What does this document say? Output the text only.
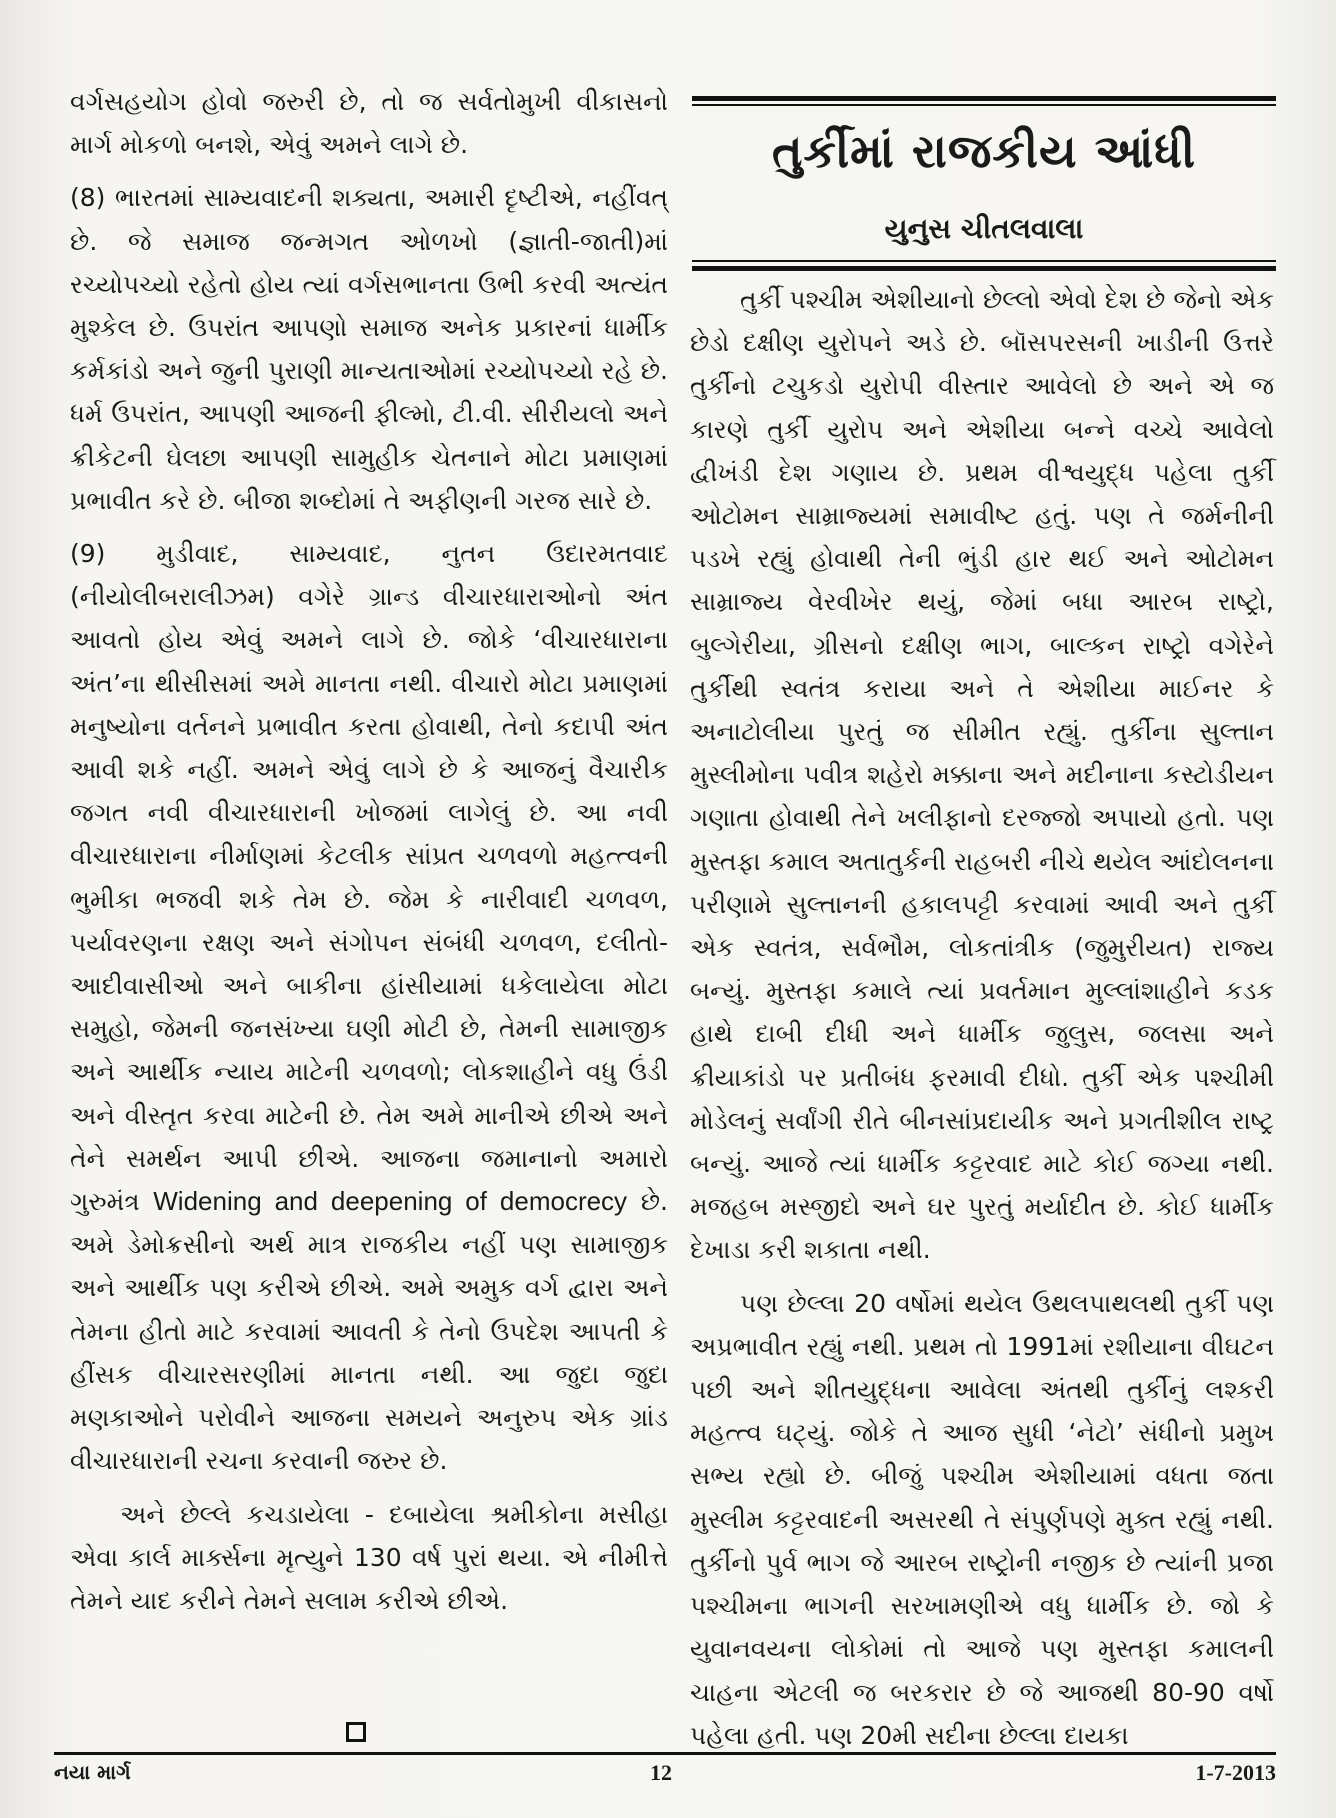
વર્ગસહયોગ હોવો જરુરી છે, તો જ સર્વતોમુખી વીકાસનો માર્ગ મોકળો બનશે, એવું અમને લાગે છે.

(8) ભારતમાં સામ્યવાદની શક્યતા, અમારી દૃષ્ટીએ, નહીંવત્ છે. જે સમાજ જન્મગત ઓળખો (જ્ઞાતી-જાતી)માં રચ્યોપચ્યો રહેતો હોય ત્યાં વર્ગસભાનતા ઉભી કરવી અત્યંત મુશ્કેલ છે. ઉપરાંત આપણો સમાજ અનેક પ્રકારનાં ધાર્મીક કર્મકાંડો અને જુની પુરાણી માન્યતાઓમાં રચ્યોપચ્યો રહે છે. ધર્મ ઉપરાંત, આપણી આજની ફીલ્મો, ટી.વી. સીરીયલો અને ક્રીકેટની ઘેલછા આપણી સામુહીક ચેતનાને મોટા પ્રમાણમાં પ્રભાવીત કરે છે. બીજા શબ્દોમાં તે અફીણની ગરજ સારે છે.

(9) મુડીવાદ, સામ્યવાદ, નુતન ઉદારમતવાદ (નીયોલીબરાલીઝમ) વગેરે ગ્રાન્ડ વીચારધારાઓનો અંત આવતો હોય એવું અમને લાગે છે. જોકે ‘વીચારધારાના અંત’ના થીસીસમાં અમે માનતા નથી. વીચારો મોટા પ્રમાણમાં મનુષ્યોના વર્તનને પ્રભાવીત કરતા હોવાથી, તેનો કદાપી અંત આવી શકે નહીં. અમને એવું લાગે છે કે આજનું વૈચારીક જગત નવી વીચારધારાની ખોજમાં લાગેલું છે. આ નવી વીચારધારાના નીર્માણમાં કેટલીક સાંપ્રત ચળવળો મહત્ત્વની ભુમીકા ભજવી શકે તેમ છે. જેમ કે નારીવાદી ચળવળ, પર્યાવરણના રક્ષણ અને સંગોપન સંબંધી ચળવળ, દલીતો-આદીવાસીઓ અને બાકીના હાંસીયામાં ધકેલાયેલા મોટા સમુહો, જેમની જનસંખ્યા ઘણી મોટી છે, તેમની સામાજીક અને આર્થીક ન્યાય માટેની ચળવળો; લોકશાહીને વધુ ઉંડી અને વીસ્તૃત કરવા માટેની છે. તેમ અમે માનીએ છીએ અને તેને સમર્થન આપી છીએ. આજના જમાનાનો અમારો ગુરુમંત્ર Widening and deepening of democrecy છે. અમે ડેમોક્રસીનો અર્થ માત્ર રાજકીય નહીં પણ સામાજીક અને આર્થીક પણ કરીએ છીએ. અમે અમુક વર્ગ દ્વારા અને તેમના હીતો માટે કરવામાં આવતી કે તેનો ઉપદેશ આપતી કે હીંસક વીચારસરણીમાં માનતા નથી. આ જુદા જુદા મણકાઓને પરોવીને આજના સમયને અનુરુપ એક ગ્રાંડ વીચારધારાની રચના કરવાની જરુર છે.

અને છેલ્લે કચડાયેલા - દબાયેલા શ્રમીકોના મસીહા એવા કાર્લ માર્ક્સના મૃત્યુને 130 વર્ષ પુરાં થયા. એ નીમીત્તે તેમને યાદ કરીને તેમને સલામ કરીએ છીએ.

તુર્કીમાં રાજકીય આંધી
યુનુસ ચીતલવાલા

તુર્કી પશ્ચીમ એશીયાનો છેલ્લો એવો દેશ છે જેનો એક છેડો દક્ષીણ યુરોપને અડે છે. બૉસપરસની ખાડીની ઉત્તરે તુર્કીનો ટચુકડો યુરોપી વીસ્તાર આવેલો છે અને એ જ કારણે તુર્કી યુરોપ અને એશીયા બન્ને વચ્ચે આવેલો દ્વીખંડી દેશ ગણાય છે. પ્રથમ વીશ્વયુદ્ધ પહેલા તુર્કી ઓટોમન સામ્રાજ્યમાં સમાવીષ્ટ હતું. પણ તે જર્મનીની પડખે રહ્યું હોવાથી તેની ભુંડી હાર થઈ અને ઓટોમન સામ્રાજ્ય વેરવીખેર થયું, જેમાં બધા આરબ રાષ્ટ્રો, બુલ્ગેરીયા, ગ્રીસનો દક્ષીણ ભાગ, બાલ્કન રાષ્ટ્રો વગેરેને તુર્કીથી સ્વતંત્ર કરાયા અને તે એશીયા માઈનર કે અનાટોલીયા પુરતું જ સીમીત રહ્યું. તુર્કીના સુલ્તાન મુસ્લીમોના પવીત્ર શહેરો મક્કાના અને મદીનાના કસ્ટોડીયન ગણાતા હોવાથી તેને ખલીફાનો દરજ્જો અપાયો હતો. પણ મુસ્તફા કમાલ અતાતુર્કની રાહબરી નીચે થયેલ આંદોલનના પરીણામે સુલ્તાનની હકાલપટ્ટી કરવામાં આવી અને તુર્કી એક સ્વતંત્ર, સર્વભૌમ, લોકતાંત્રીક (જુમુરીયત) રાજ્ય બન્યું. મુસ્તફા કમાલે ત્યાં પ્રવર્તમાન મુલ્લાંશાહીને કડક હાથે દાબી દીધી અને ધાર્મીક જુલુસ, જલસા અને ક્રીયાકાંડો પર પ્રતીબંધ ફરમાવી દીધો. તુર્કી એક પશ્ચીમી મોડેલનું સર્વાંગી રીતે બીનસાંપ્રદાયીક અને પ્રગતીશીલ રાષ્ટ્ર બન્યું. આજે ત્યાં ધાર્મીક કટ્ટરવાદ માટે કોઈ જગ્યા નથી. મજહબ મસ્જીદો અને ઘર પુરતું મર્યાદીત છે. કોઈ ધાર્મીક દેખાડા કરી શકાતા નથી.

પણ છેલ્લા 20 વર્ષોમાં થયેલ ઉથલપાથલથી તુર્કી પણ અપ્રભાવીત રહ્યું નથી. પ્રથમ તો 1991માં રશીયાના વીઘટન પછી અને શીતયુદ્ધના આવેલા અંતથી તુર્કીનું લશ્કરી મહત્ત્વ ઘટ્યું. જોકે તે આજ સુધી ‘નેટો’ સંધીનો પ્રમુખ સભ્ય રહ્યો છે. બીજું પશ્ચીમ એશીયામાં વધતા જતા મુસ્લીમ કટ્ટરવાદની અસરથી તે સંપુર્ણપણે મુક્ત રહ્યું નથી. તુર્કીનો પુર્વ ભાગ જે આરબ રાષ્ટ્રોની નજીક છે ત્યાંની પ્રજા પશ્ચીમના ભાગની સરખામણીએ વધુ ધાર્મીક છે. જો કે યુવાનવયના લોકોમાં તો આજે પણ મુસ્તફા કમાલની ચાહના એટલી જ બરકરાર છે જે આજથી 80-90 વર્ષો પહેલા હતી. પણ 20મી સદીના છેલ્લા દાયકા

નયા માર્ગ	12	1-7-2013
